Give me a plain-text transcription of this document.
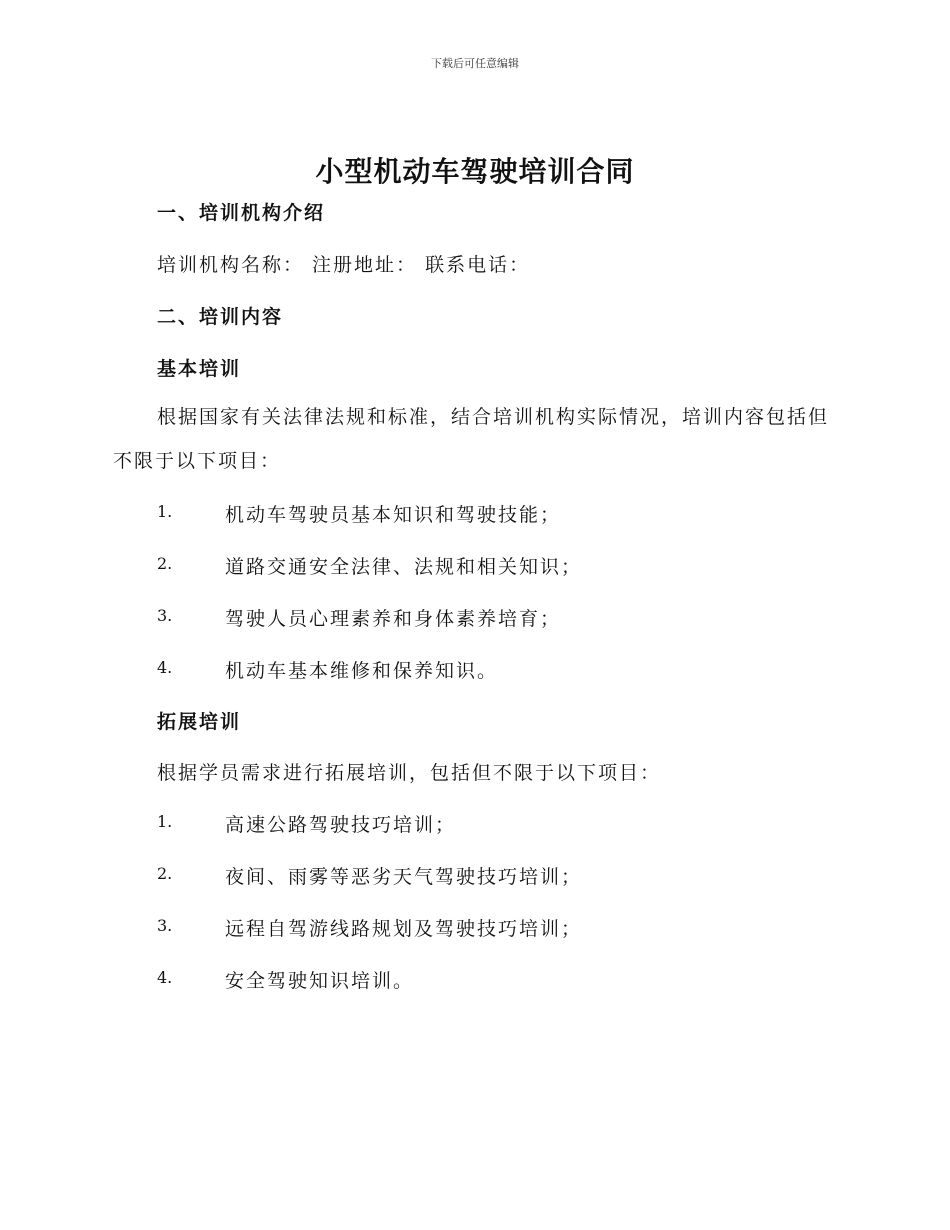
下载后可任意编辑
小型机动车驾驶培训合同
一、培训机构介绍
培训机构名称： 注册地址： 联系电话：
二、培训内容
基本培训
根据国家有关法律法规和标准，结合培训机构实际情况，培训内容包括但不限于以下项目：
1.	机动车驾驶员基本知识和驾驶技能；
2.	道路交通安全法律、法规和相关知识；
3.	驾驶人员心理素养和身体素养培育；
4.	机动车基本维修和保养知识。
拓展培训
根据学员需求进行拓展培训，包括但不限于以下项目：
1.	高速公路驾驶技巧培训；
2.	夜间、雨雾等恶劣天气驾驶技巧培训；
3.	远程自驾游线路规划及驾驶技巧培训；
4.	安全驾驶知识培训。
